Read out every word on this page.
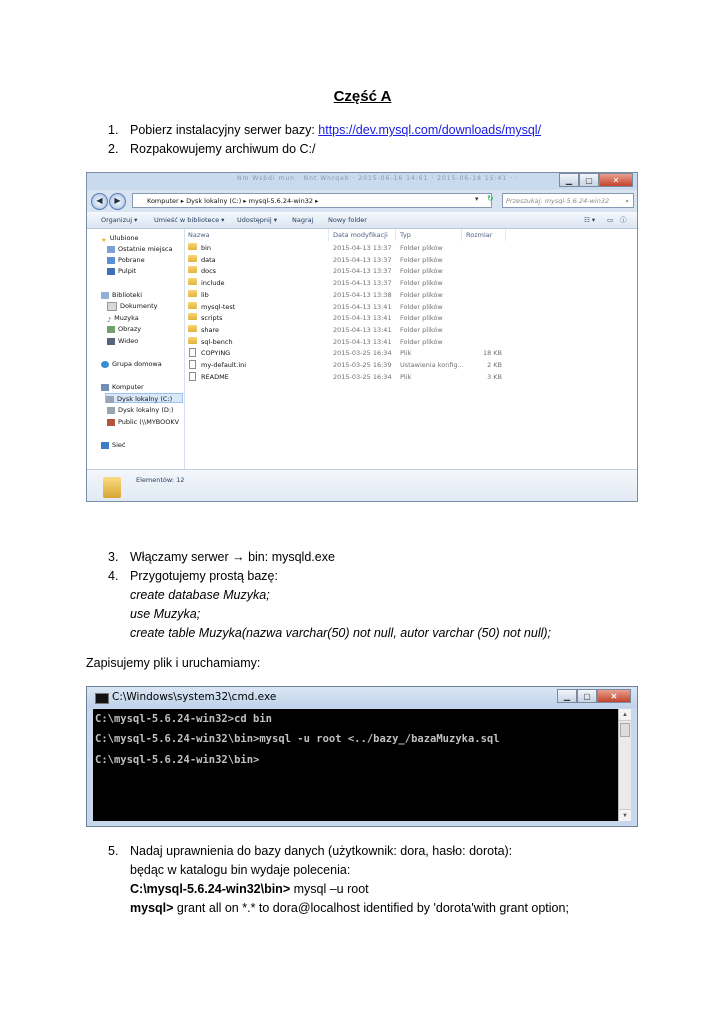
Część A
1. Pobierz instalacyjny serwer bazy: https://dev.mysql.com/downloads/mysql/
2. Rozpakowujemy archiwum do C:/
Nm Wsbdi mun · Nnt Wnrqeb · 2015-06-16 14:61 · 2015-06-18 15:41 · ·	▁	▢	✕
◀	▶	Komputer ▸ Dysk lokalny (C:) ▸ mysql-5.6.24-win32 ▸	▾ ↻	Przeszukaj: mysql-5.6.24-win32	⌕
Organizuj ▾	Umieść w bibliotece ▾ Udostępnij ▾ Nagraj Nowy folder	☷ ▾ ▭ ⓘ
★ Ulubione
Ostatnie miejsca
Pobrane
Pulpit
Biblioteki
Dokumenty
♪ Muzyka
Obrazy
Wideo
Grupa domowa
Komputer
Dysk lokalny (C:)
Dysk lokalny (D:)
Public (\\MYBOOKV
Sieć
Nazwa	Data modyfikacji Typ	Rozmiar
bin	2015-04-13 13:37 Folder plików
data	2015-04-13 13:37 Folder plików
docs	2015-04-13 13:37 Folder plików
include	2015-04-13 13:37 Folder plików
lib	2015-04-13 13:38 Folder plików
mysql-test	2015-04-13 13:41 Folder plików
scripts	2015-04-13 13:41 Folder plików
share	2015-04-13 13:41 Folder plików
sql-bench	2015-04-13 13:41 Folder plików
COPYING	2015-03-25 16:34 Plik	18 KB
my-default.ini	2015-03-25 16:39 Ustawienia konfig...	2 KB
README	2015-03-25 16:34 Plik	3 KB
Elementów: 12
3. Włączamy serwer → bin: mysqld.exe
4. Przygotujemy prostą bazę:
create database Muzyka;
use Muzyka;
create table Muzyka(nazwa varchar(50) not null, autor varchar (50) not null);
Zapisujemy plik i uruchamiamy:
C:\Windows\system32\cmd.exe	▁	▢	✕
C:\mysql-5.6.24-win32>cd bin
C:\mysql-5.6.24-win32\bin>mysql -u root <../bazy_/bazaMuzyka.sql
C:\mysql-5.6.24-win32\bin>
▲
▼
5. Nadaj uprawnienia do bazy danych (użytkownik: dora, hasło: dorota):
będąc w katalogu bin wydaje polecenia:
C:\mysql-5.6.24-win32\bin> mysql –u root
mysql> grant all on *.* to dora@localhost identified by 'dorota'with grant option;
